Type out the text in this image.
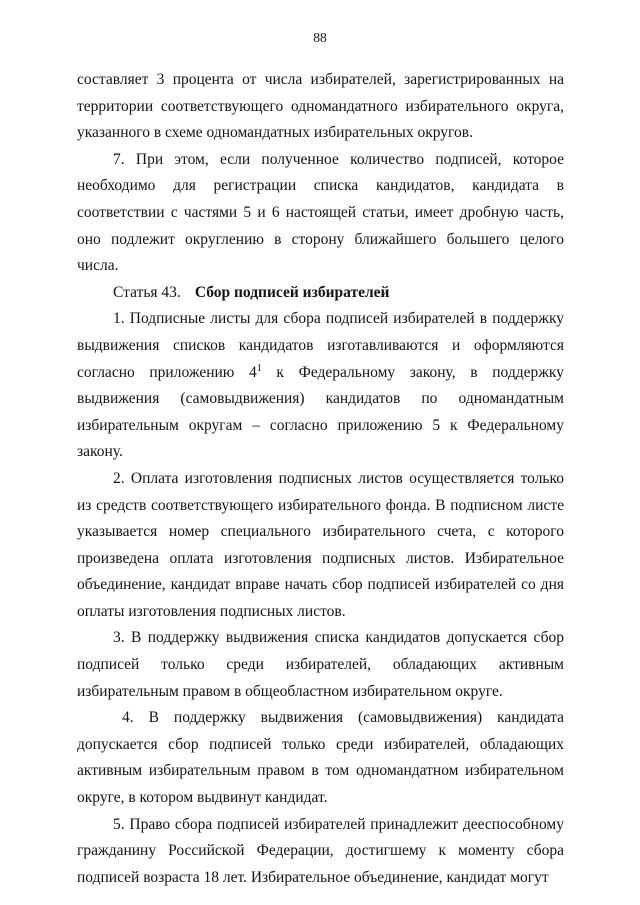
88

составляет 3 процента от числа избирателей, зарегистрированных на территории соответствующего одномандатного избирательного округа, указанного в схеме одномандатных избирательных округов.

7. При этом, если полученное количество подписей, которое необходимо для регистрации списка кандидатов, кандидата в соответствии с частями 5 и 6 настоящей статьи, имеет дробную часть, оно подлежит округлению в сторону ближайшего большего целого числа.

Статья 43. Сбор подписей избирателей

1. Подписные листы для сбора подписей избирателей в поддержку выдвижения списков кандидатов изготавливаются и оформляются согласно приложению 4$^1$ к Федеральному закону, в поддержку выдвижения (самовыдвижения) кандидатов по одномандатным избирательным округам – согласно приложению 5 к Федеральному закону.

2. Оплата изготовления подписных листов осуществляется только из средств соответствующего избирательного фонда. В подписном листе указывается номер специального избирательного счета, с которого произведена оплата изготовления подписных листов. Избирательное объединение, кандидат вправе начать сбор подписей избирателей со дня оплаты изготовления подписных листов.

3. В поддержку выдвижения списка кандидатов допускается сбор подписей только среди избирателей, обладающих активным избирательным правом в общеобластном избирательном округе.

4. В поддержку выдвижения (самовыдвижения) кандидата допускается сбор подписей только среди избирателей, обладающих активным избирательным правом в том одномандатном избирательном округе, в котором выдвинут кандидат.

5. Право сбора подписей избирателей принадлежит дееспособному гражданину Российской Федерации, достигшему к моменту сбора подписей возраста 18 лет. Избирательное объединение, кандидат могут
